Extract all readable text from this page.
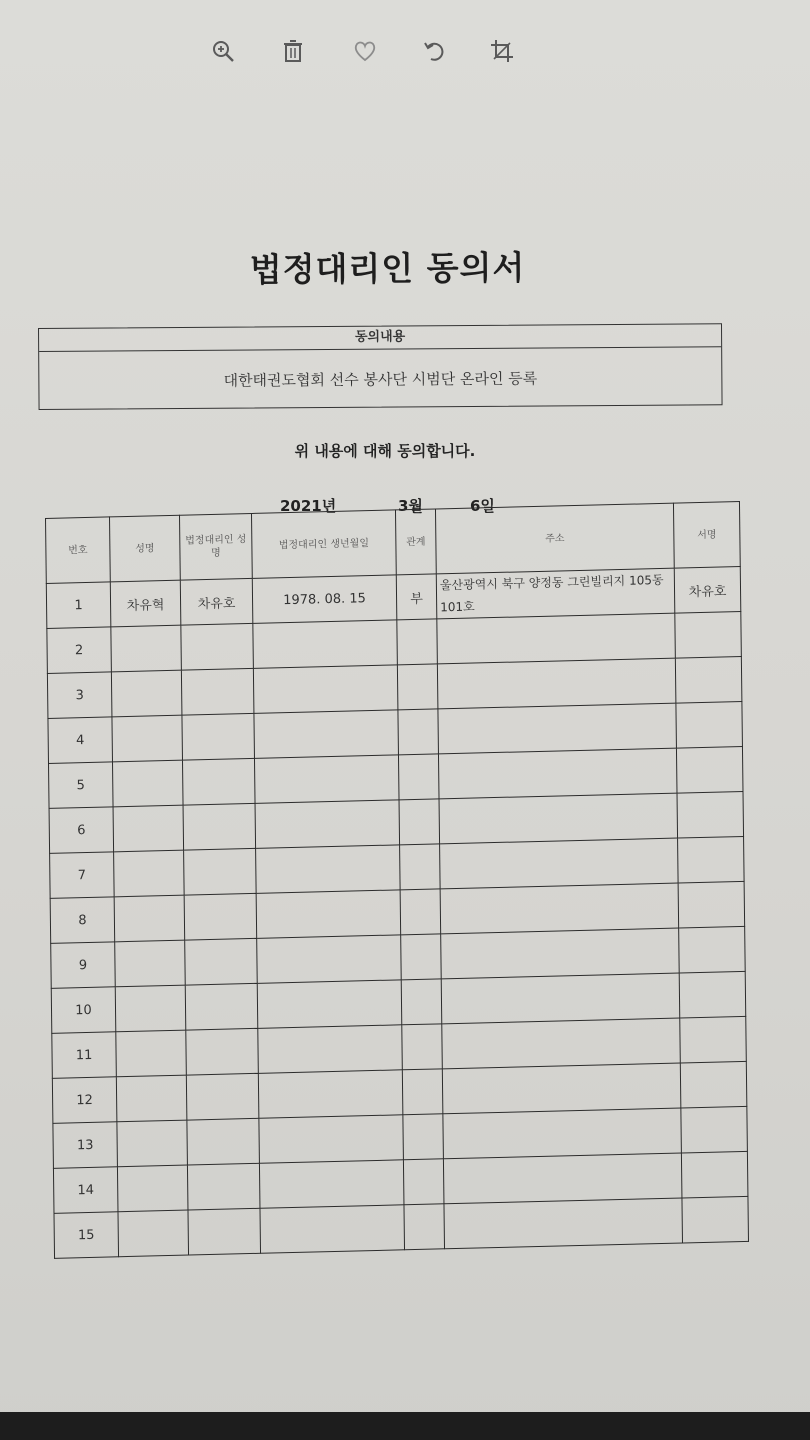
법정대리인 동의서
동의내용
대한태권도협회 선수 봉사단 시범단 온라인 등록
위 내용에 대해 동의합니다.
2021년	3월	6일
번호	성명	법정대리인 성명	법정대리인 생년월일	관계	주소	서명
1	차유혁	차유호	1978. 08. 15	부	울산광역시 북구 양정동 그린빌리지 105동101호	차유호
2						
3						
4						
5						
6						
7						
8						
9						
10						
11						
12						
13						
14						
15						
